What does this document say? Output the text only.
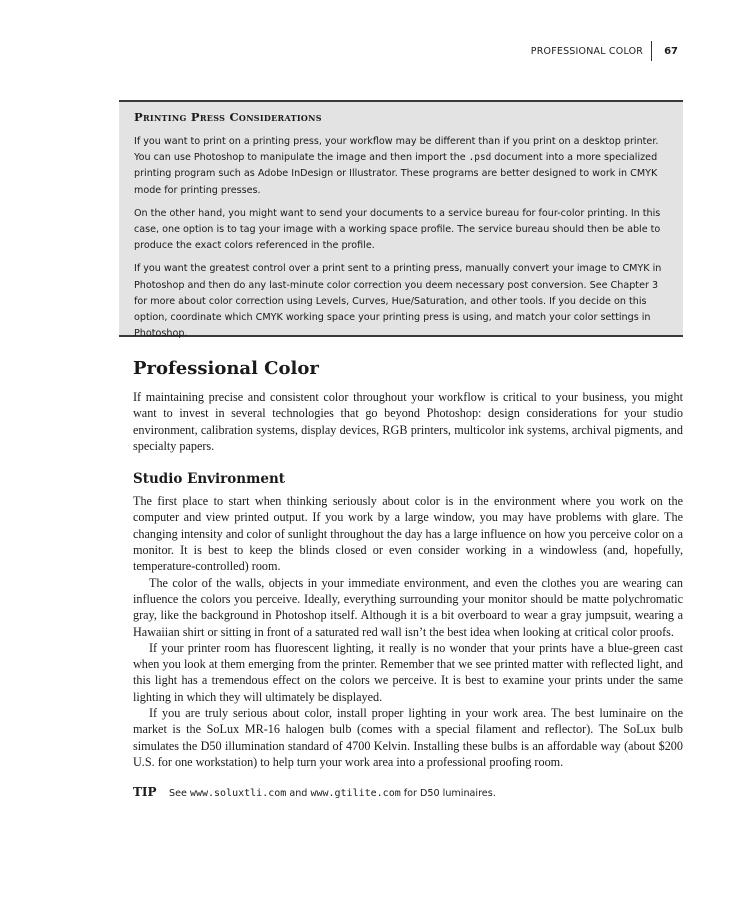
PROFESSIONAL COLOR	67
Printing Press Considerations

If you want to print on a printing press, your workflow may be different than if you print on a desktop printer. You can use Photoshop to manipulate the image and then import the .psd document into a more specialized printing program such as Adobe InDesign or Illustrator. These programs are better designed to work in CMYK mode for printing presses.

On the other hand, you might want to send your documents to a service bureau for four-color printing. In this case, one option is to tag your image with a working space profile. The service bureau should then be able to produce the exact colors referenced in the profile.

If you want the greatest control over a print sent to a printing press, manually convert your image to CMYK in Photoshop and then do any last-minute color correction you deem necessary post conversion. See Chapter 3 for more about color correction using Levels, Curves, Hue/Saturation, and other tools. If you decide on this option, coordinate which CMYK working space your printing press is using, and match your color settings in Photoshop.

Professional Color

If maintaining precise and consistent color throughout your workflow is critical to your business, you might want to invest in several technologies that go beyond Photoshop: design considerations for your studio environment, calibration systems, display devices, RGB printers, multicolor ink systems, archival pigments, and specialty papers.

Studio Environment

The first place to start when thinking seriously about color is in the environment where you work on the computer and view printed output. If you work by a large window, you may have problems with glare. The changing intensity and color of sunlight throughout the day has a large influence on how you perceive color on a monitor. It is best to keep the blinds closed or even consider working in a windowless (and, hopefully, temperature-controlled) room.

The color of the walls, objects in your immediate environment, and even the clothes you are wearing can influence the colors you perceive. Ideally, everything surrounding your monitor should be matte polychromatic gray, like the background in Photoshop itself. Although it is a bit overboard to wear a gray jumpsuit, wearing a Hawaiian shirt or sitting in front of a saturated red wall isn’t the best idea when looking at critical color proofs.

If your printer room has fluorescent lighting, it really is no wonder that your prints have a blue-green cast when you look at them emerging from the printer. Remember that we see printed matter with reflected light, and this light has a tremendous effect on the colors we perceive. It is best to examine your prints under the same lighting in which they will ultimately be displayed.

If you are truly serious about color, install proper lighting in your work area. The best luminaire on the market is the SoLux MR-16 halogen bulb (comes with a special filament and reflector). The SoLux bulb simulates the D50 illumination standard of 4700 Kelvin. Installing these bulbs is an affordable way (about $200 U.S. for one workstation) to help turn your work area into a professional proofing room.

TIP	See www.soluxtli.com and www.gtilite.com for D50 luminaires.
